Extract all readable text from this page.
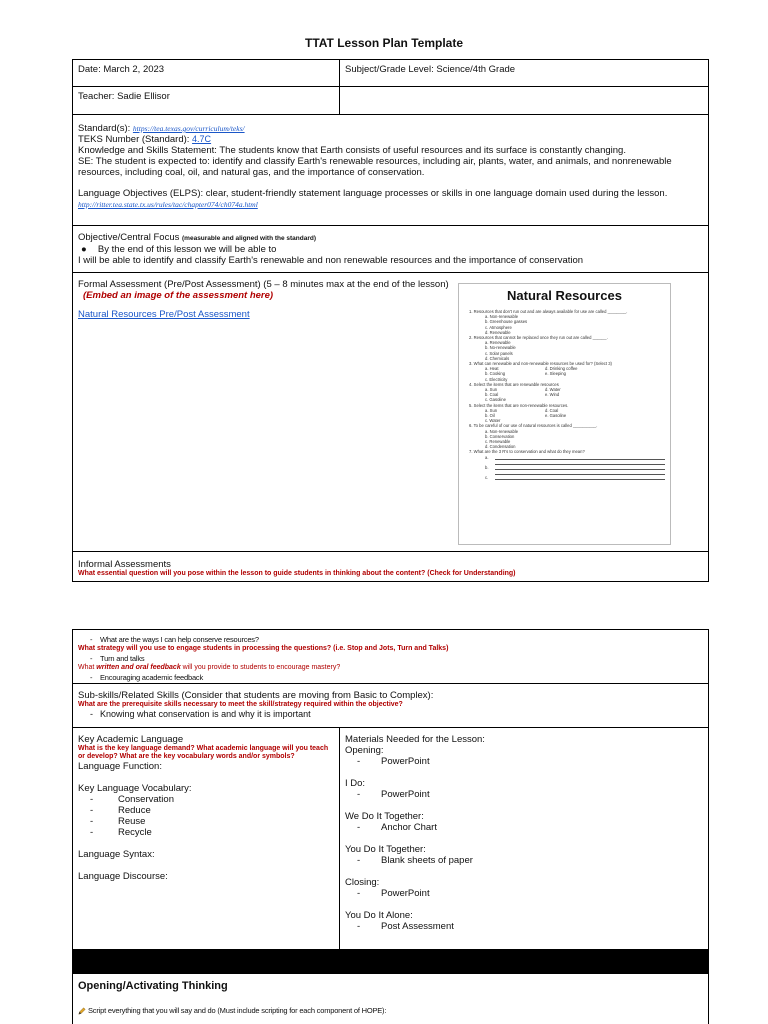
TTAT Lesson Plan Template
Date: March 2, 2023	Subject/Grade Level: Science/4th Grade
Teacher: Sadie Ellisor
Standard(s): https://tea.texas.gov/curriculum/teks/
TEKS Number (Standard): 4.7C
Knowledge and Skills Statement: The students know that Earth consists of useful resources and its surface is constantly changing.
SE: The student is expected to: identify and classify Earth's renewable resources, including air, plants, water, and animals, and nonrenewable resources, including coal, oil, and natural gas, and the importance of conservation.
Language Objectives (ELPS): clear, student-friendly statement language processes or skills in one language domain used during the lesson.
http://ritter.tea.state.tx.us/rules/tac/chapter074/ch074a.html
Objective/Central Focus (measurable and aligned with the standard)
● By the end of this lesson we will be able to
I will be able to identify and classify Earth's renewable and non renewable resources and the importance of conservation
Formal Assessment (Pre/Post Assessment) (5 – 8 minutes max at the end of the lesson)
(Embed an image of the assessment here)
Natural Resources Pre/Post Assessment
Natural Resources
1. Resources that don't run out and are always available for use are called ________.
a. Non-renewable
b. Greenhouse gasses
c. Atmosphere
d. Renewable
2. Resources that cannot be replaced once they run out are called ______.
a. Renewable
b. No-renewable
c. Solar panels
d. Chemicals
3. What can renewable and non-renewable resources be used for? (Select 3)
a. Heat	d. Drinking coffee
b. Cooking	e. Sleeping
c. Electricity
4. Select the items that are renewable resources
a. Sun	d. Water
b. Coal	e. Wind
c. Gasoline
5. Select the items that are non-renewable resources.
a. Sun	d. Coal
b. Oil	e. Gasoline
c. Water
6. To be careful of our use of natural resources is called __________.
a. Non-renewable
b. Conservation
c. Renewable
d. Condensation
7. What are the 3 R's to conservation and what do they mean?
a.
b.
c.
Informal Assessments
What essential question will you pose within the lesson to guide students in thinking about the content? (Check for Understanding)
- What are the ways I can help conserve resources?
What strategy will you use to engage students in processing the questions? (i.e. Stop and Jots, Turn and Talks)
- Turn and talks
What written and oral feedback will you provide to students to encourage mastery?
- Encouraging academic feedback
Sub-skills/Related Skills (Consider that students are moving from Basic to Complex):
What are the prerequisite skills necessary to meet the skill/strategy required within the objective?
- Knowing what conservation is and why it is important
Key Academic Language
What is the key language demand? What academic language will you teach or develop? What are the key vocabulary words and/or symbols?
Language Function:
Key Language Vocabulary:
- Conservation
- Reduce
- Reuse
- Recycle
Language Syntax:
Language Discourse:
Materials Needed for the Lesson:
Opening:
- PowerPoint
I Do:
- PowerPoint
We Do It Together:
- Anchor Chart
You Do It Together:
- Blank sheets of paper
Closing:
- PowerPoint
You Do It Alone:
- Post Assessment
Opening/Activating Thinking
Script everything that you will say and do (Must include scripting for each component of HOPE):
